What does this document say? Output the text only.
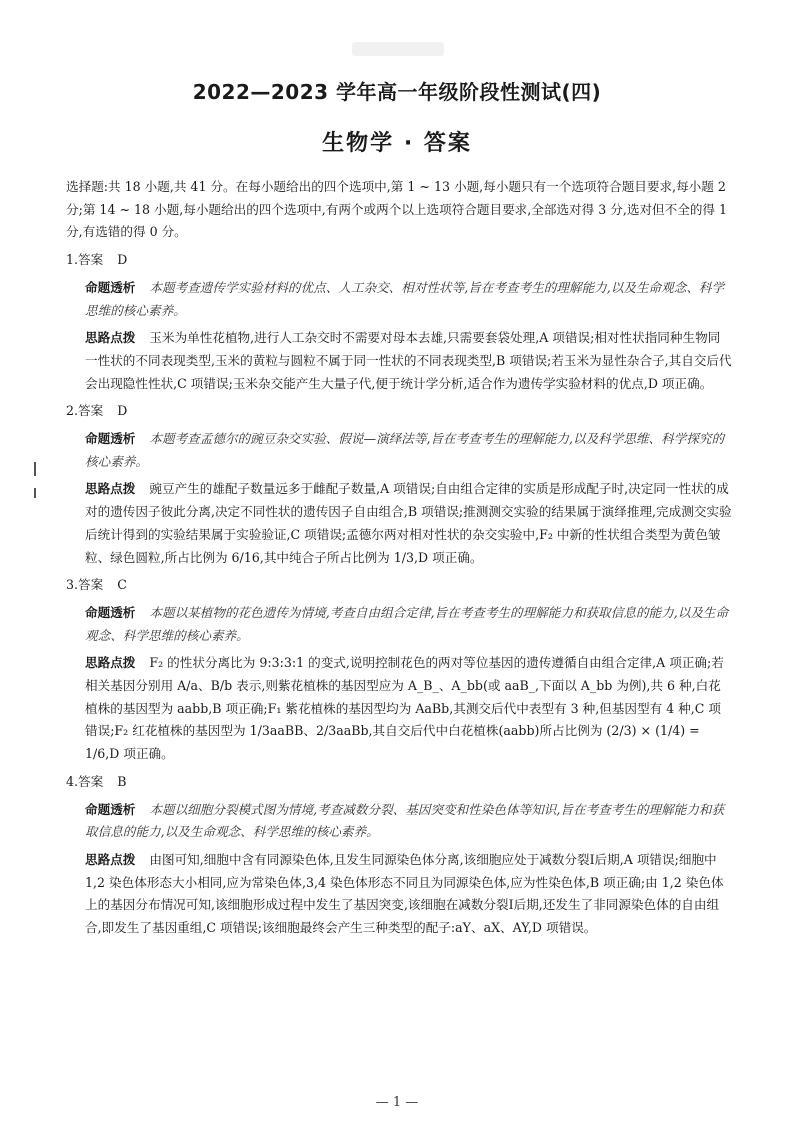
2022—2023 学年高一年级阶段性测试(四)
生物学 · 答案

选择题:共 18 小题,共 41 分。在每小题给出的四个选项中,第 1 ~ 13 小题,每小题只有一个选项符合题目要求,每小题 2 分;第 14 ~ 18 小题,每小题给出的四个选项中,有两个或两个以上选项符合题目要求,全部选对得 3 分,选对但不全的得 1 分,有选错的得 0 分。

1.答案 D

命题透析 本题考查遗传学实验材料的优点、人工杂交、相对性状等,旨在考查考生的理解能力,以及生命观念、科学思维的核心素养。

思路点拨 玉米为单性花植物,进行人工杂交时不需要对母本去雄,只需要套袋处理,A 项错误;相对性状指同种生物同一性状的不同表现类型,玉米的黄粒与圆粒不属于同一性状的不同表现类型,B 项错误;若玉米为显性杂合子,其自交后代会出现隐性性状,C 项错误;玉米杂交能产生大量子代,便于统计学分析,适合作为遗传学实验材料的优点,D 项正确。

2.答案 D

命题透析 本题考查孟德尔的豌豆杂交实验、假说—演绎法等,旨在考查考生的理解能力,以及科学思维、科学探究的核心素养。

思路点拨 豌豆产生的雄配子数量远多于雌配子数量,A 项错误;自由组合定律的实质是形成配子时,决定同一性状的成对的遗传因子彼此分离,决定不同性状的遗传因子自由组合,B 项错误;推测测交实验的结果属于演绎推理,完成测交实验后统计得到的实验结果属于实验验证,C 项错误;孟德尔两对相对性状的杂交实验中,F₂ 中新的性状组合类型为黄色皱粒、绿色圆粒,所占比例为 6/16,其中纯合子所占比例为 1/3,D 项正确。

3.答案 C

命题透析 本题以某植物的花色遗传为情境,考查自由组合定律,旨在考查考生的理解能力和获取信息的能力,以及生命观念、科学思维的核心素养。

思路点拨 F₂ 的性状分离比为 9:3:3:1 的变式,说明控制花色的两对等位基因的遗传遵循自由组合定律,A 项正确;若相关基因分别用 A/a、B/b 表示,则紫花植株的基因型应为 A_B_、A_bb(或 aaB_,下面以 A_bb 为例),共 6 种,白花植株的基因型为 aabb,B 项正确;F₁ 紫花植株的基因型均为 AaBb,其测交后代中表型有 3 种,但基因型有 4 种,C 项错误;F₂ 红花植株的基因型为 1/3aaBB、2/3aaBb,其自交后代中白花植株(aabb)所占比例为 (2/3) × (1/4) = 1/6,D 项正确。

4.答案 B

命题透析 本题以细胞分裂模式图为情境,考查减数分裂、基因突变和性染色体等知识,旨在考查考生的理解能力和获取信息的能力,以及生命观念、科学思维的核心素养。

思路点拨 由图可知,细胞中含有同源染色体,且发生同源染色体分离,该细胞应处于减数分裂Ⅰ后期,A 项错误;细胞中 1,2 染色体形态大小相同,应为常染色体,3,4 染色体形态不同且为同源染色体,应为性染色体,B 项正确;由 1,2 染色体上的基因分布情况可知,该细胞形成过程中发生了基因突变,该细胞在减数分裂Ⅰ后期,还发生了非同源染色体的自由组合,即发生了基因重组,C 项错误;该细胞最终会产生三种类型的配子:aY、aX、AY,D 项错误。

— 1 —
